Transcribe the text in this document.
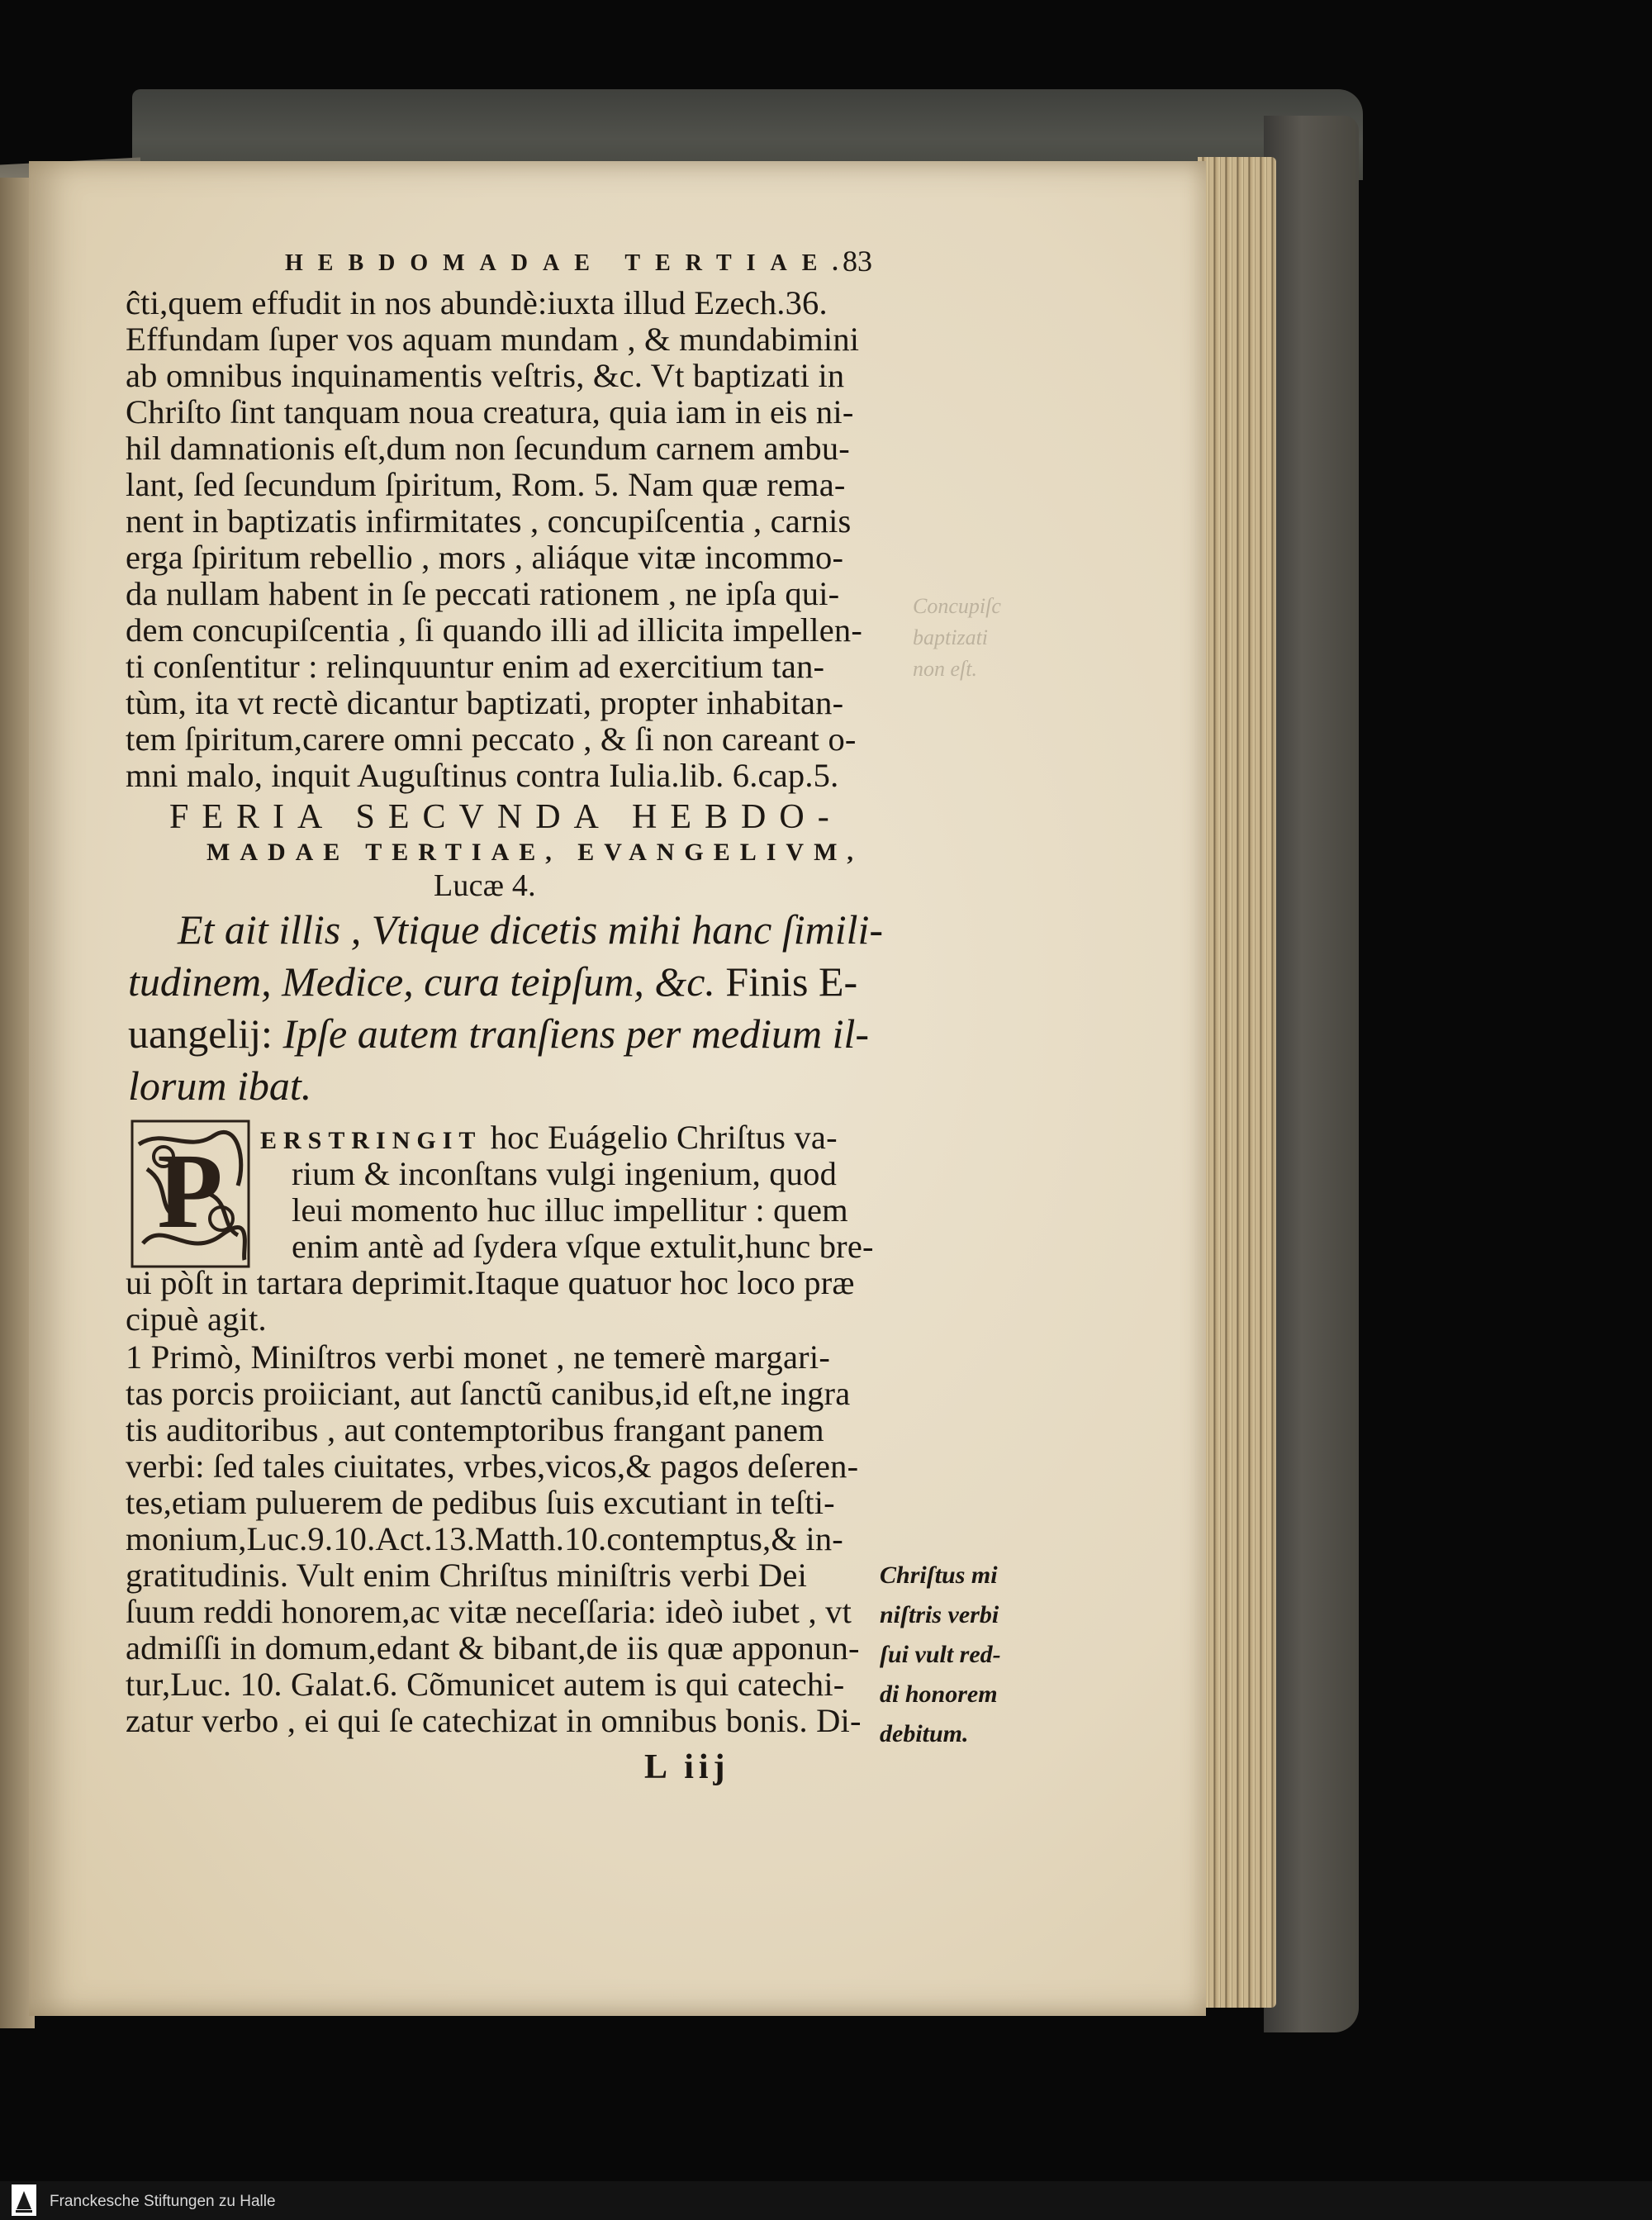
HEBDOMADAE TERTIAE.
83
ĉti,quem effudit in nos abundè:iuxta illud Ezech.36.
Effundam ſuper vos aquam mundam , & mundabimini
ab omnibus inquinamentis veſtris, &c. Vt baptizati in
Chriſto ſint tanquam noua creatura, quia iam in eis ni-
hil damnationis eſt,dum non ſecundum carnem ambu-
lant, ſed ſecundum ſpiritum, Rom. 5. Nam quæ rema-
nent in baptizatis infirmitates , concupiſcentia , carnis
erga ſpiritum rebellio , mors , aliáque vitæ incommo-
da nullam habent in ſe peccati rationem , ne ipſa qui-
dem concupiſcentia , ſi quando illi ad illicita impellen-
ti conſentitur : relinquuntur enim ad exercitium tan-
tùm, ita vt rectè dicantur baptizati, propter inhabitan-
tem ſpiritum,carere omni peccato , & ſi non careant o-
mni malo, inquit Auguſtinus contra Iulia.lib. 6.cap.5.
Concupiſc
baptizati
non eſt.
FERIA SECVNDA HEBDO-
MADAE TERTIAE, EVANGELIVM,
Lucæ 4.
Et ait illis , Vtique dicetis mihi hanc ſimili-
tudinem, Medice, cura teipſum, &c. Finis E-
uangelij: Ipſe autem tranſiens per medium il-
lorum ibat.
P ERSTRINGIT hoc Euágelio Chriſtus va-
rium & inconſtans vulgi ingenium, quod
leui momento huc illuc impellitur : quem
enim antè ad ſydera vſque extulit,hunc bre-
ui pòſt in tartara deprimit.Itaque quatuor hoc loco præ
cipuè agit.
1 Primò, Miniſtros verbi monet , ne temerè margari-
tas porcis proiiciant, aut ſanctũ canibus,id eſt,ne ingra
tis auditoribus , aut contemptoribus frangant panem
verbi: ſed tales ciuitates, vrbes,vicos,& pagos deſeren-
tes,etiam puluerem de pedibus ſuis excutiant in teſti-
monium,Luc.9.10.Act.13.Matth.10.contemptus,& in-
gratitudinis. Vult enim Chriſtus miniſtris verbi Dei
ſuum reddi honorem,ac vitæ neceſſaria: ideò iubet , vt
admiſſi in domum,edant & bibant,de iis quæ apponun-
tur,Luc. 10. Galat.6. Cõmunicet autem is qui catechi-
zatur verbo , ei qui ſe catechizat in omnibus bonis. Di-
Chriſtus mi
niſtris verbi
ſui vult red-
di honorem
debitum.
L iij
Franckesche Stiftungen zu Halle
